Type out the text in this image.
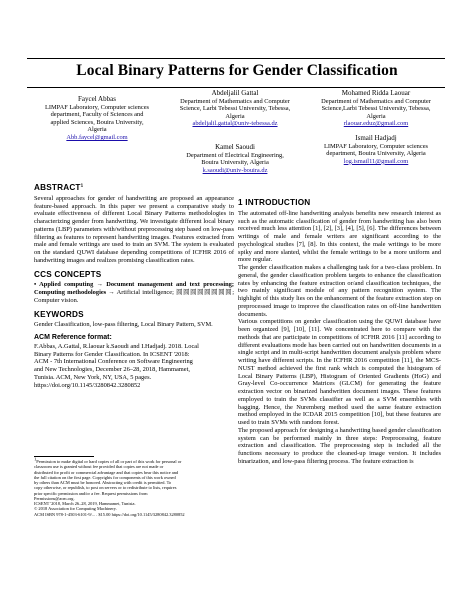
Local Binary Patterns for Gender Classification
Faycel Abbas
LIMPAF Laboratory, Computer sciences
department, Faculty of Sciences and
applied Sciences, Bouira University,
Algeria
Abb.faycel@gmail.com
Abdeljalil Gattal
Department of Mathematics and Computer
Science, Larbi Tebessi University, Tebessa,
Algeria
abdeljalil.gattal@univ-tebessa.dz
Kamel Saoudi
Department of Electrical Engineering,
Bouira University, Algeria
k.saoudi@univ-bouira.dz
Mohamed Ridda Laouar
Department of Mathematics and Computer
Science,Larbi Tebessi University, Tebessa,
Algeria
rlaouar.eduz@gmail.com
Ismail Hadjadj
LIMPAF Laboratory, Computer sciences
department, Bouira University, Algeria
log.ismail11@gmail.com
ABSTRACT$^1$
Several approaches for gender of handwriting are proposed an appearance feature-based approach. In this paper we present a comparative study to evaluate effectiveness of different Local Binary Patterns methodologies in characterizing gender from handwriting. We investigate different local binary patterns (LBP) parameters with/without preprocessing step based on low-pass filtering as features to represent handwriting images. Features extracted from male and female writings are used to train an SVM. The system is evaluated on the standard QUWI database depending competitions of ICFHR 2016 of handwriting images and realizes promising classification rates.
CCS CONCEPTS
• Applied computing → Document management and text processing; Computing methodologies → Artificial intelligence; 圆圆圆圆圆圆圆圆; Computer vision.
KEYWORDS
Gender Classification, low-pass filtering, Local Binary Pattern, SVM.
ACM Reference format:
F.Abbas, A.Gattal, R.laouar k.Saoudi and I.Hadjadj. 2018. Local
Binary Patterns for Gender Classification. In ICSENT '2018:
ACM - 7th International Conference on Software Engineering
and New Technologies, December 26–28, 2018, Hammamet,
Tunisia. ACM, New York, NY, USA, 5 pages.
https://doi.org/10.1145/3280842.3280852
$^1$Permission to make digital or hard copies of all or part of this work for personal or
classroom use is granted without fee provided that copies are not made or
distributed for profit or commercial advantage and that copies bear this notice and
the full citation on the first page. Copyrights for components of this work owned
by others than ACM must be honored. Abstracting with credit is permitted. To
copy otherwise, or republish, to post on servers or to redistribute to lists, requires
prior specific permission and/or a fee. Request permissions from
Permissions@acm.org.
ICSENT '2018, March 26–28, 2019, Hammamet, Tunisia.
© 2018 Association for Computing Machinery.
ACM ISBN 978-1-4503-6101-9/... . $15.00 https://doi.org/10.1145/3280842.3280852
1 INTRODUCTION
The automated off-line handwriting analysis benefits new research interest as such as the automatic classification of gender from handwriting has also been received much less attention [1], [2], [3], [4], [5], [6]. The differences between writings of male and female writers are significant according to the psychological studies [7], [8]. In this context, the male writings to be more spiky and more slanted, whilst the female writings to be a more uniform and more regular.
The gender classification makes a challenging task for a two-class problem. In general, the gender classification problem targets to enhance the classification rates by enhancing the feature extraction or/and classification techniques, the two mainly significant module of any pattern recognition system. The highlight of this study lies on the enhancement of the feature extraction step on preprocessed image to improve the classification rates on off-line handwritten documents.
Various competitions on gender classification using the QUWI database have been organized [9], [10], [11]. We concentrated here to compare with the methods that are participate in competitions of ICFHR 2016 [11] according to different evaluations mode has been carried out on handwritten documents in a single script and in multi-script handwritten document analysis problem where writing have different scripts. In the ICFHR 2016 competition [11], the MCS-NUST method achieved the first rank which is computed the histogram of Local Binary Patterns (LBP), Histogram of Oriented Gradients (HoG) and Gray-level Co-occurrence Matrices (GLCM) for generating the feature extraction vector on binarized handwritten document images. These features employed to train the SVMs classifier as well as a SVM ensembles with bagging. Hence, the Nuremberg method used the same feature extraction method employed in the ICDAR 2015 competition [10], but these features are used to train SVMs with random forest.
The proposed approach for designing a handwriting based gender classification system can be performed mainly in three steps: Preprocessing, feature extraction and classification. The preprocessing step is included all the functions necessary to produce the cleaned-up image version. It includes binarization, and low-pass filtering process. The feature extraction is
